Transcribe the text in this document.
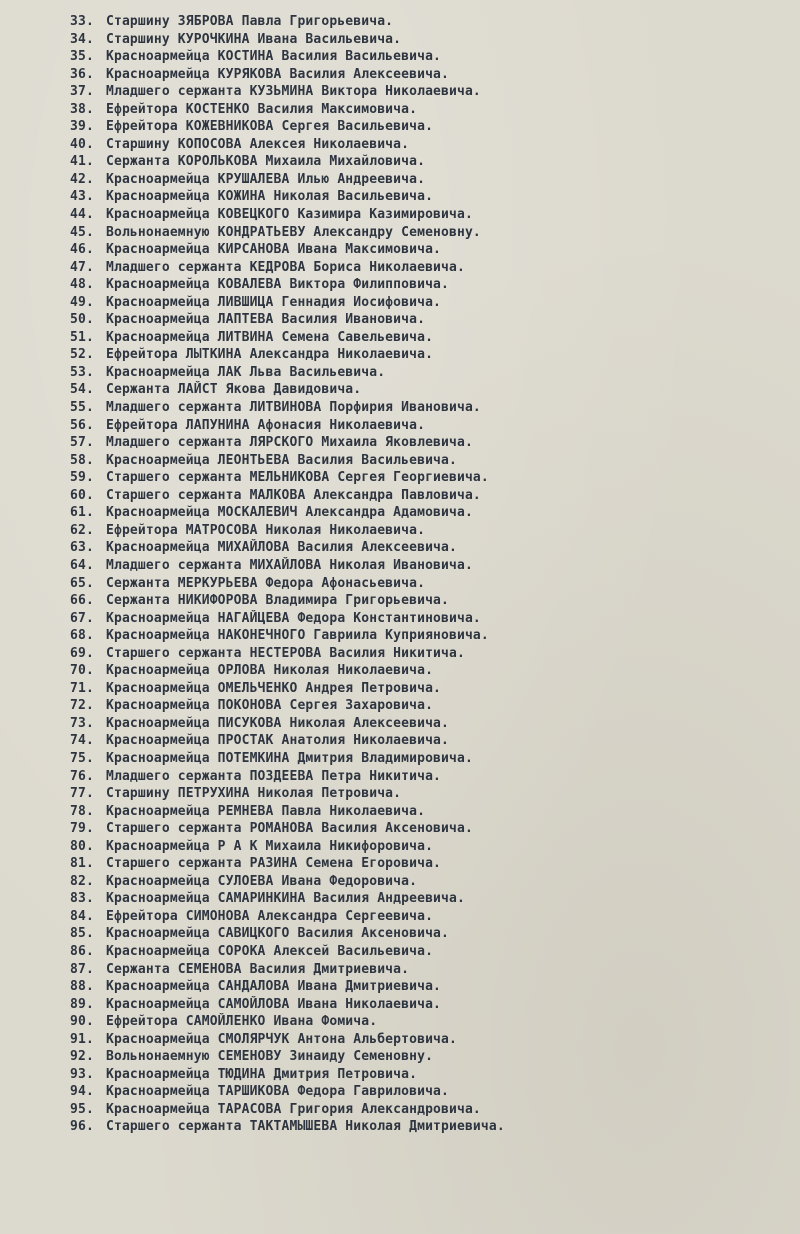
33. Старшину ЗЯБРОВА Павла Григорьевича.
34. Старшину КУРОЧКИНА Ивана Васильевича.
35. Красноармейца КОСТИНА Василия Васильевича.
36. Красноармейца КУРЯКОВА Василия Алексеевича.
37. Младшего сержанта КУЗЬМИНА Виктора Николаевича.
38. Ефрейтора КОСТЕНКО Василия Максимовича.
39. Ефрейтора КОЖЕВНИКОВА Сергея Васильевича.
40. Старшину КОПОСОВА Алексея Николаевича.
41. Сержанта КОРОЛЬКОВА Михаила Михайловича.
42. Красноармейца КРУШАЛЕВА Илью Андреевича.
43. Красноармейца КОЖИНА Николая Васильевича.
44. Красноармейца КОВЕЦКОГО Казимира Казимировича.
45. Вольнонаемную КОНДРАТЬЕВУ Александру Семеновну.
46. Красноармейца КИРСАНОВА Ивана Максимовича.
47. Младшего сержанта КЕДРОВА Бориса Николаевича.
48. Красноармейца КОВАЛЕВА Виктора Филипповича.
49. Красноармейца ЛИВШИЦА Геннадия Иосифовича.
50. Красноармейца ЛАПТЕВА Василия Ивановича.
51. Красноармейца ЛИТВИНА Семена Савельевича.
52. Ефрейтора ЛЫТКИНА Александра Николаевича.
53. Красноармейца ЛАК Льва Васильевича.
54. Сержанта ЛАЙСТ Якова Давидовича.
55. Младшего сержанта ЛИТВИНОВА Порфирия Ивановича.
56. Ефрейтора ЛАПУНИНА Афонасия Николаевича.
57. Младшего сержанта ЛЯРСКОГО Михаила Яковлевича.
58. Красноармейца ЛЕОНТЬЕВА Василия Васильевича.
59. Старшего сержанта МЕЛЬНИКОВА Сергея Георгиевича.
60. Старшего сержанта МАЛКОВА Александра Павловича.
61. Красноармейца МОСКАЛЕВИЧ Александра Адамовича.
62. Ефрейтора МАТРОСОВА Николая Николаевича.
63. Красноармейца МИХАЙЛОВА Василия Алексеевича.
64. Младшего сержанта МИХАЙЛОВА Николая Ивановича.
65. Сержанта МЕРКУРЬЕВА Федора Афонасьевича.
66. Сержанта НИКИФОРОВА Владимира Григорьевича.
67. Красноармейца НАГАЙЦЕВА Федора Константиновича.
68. Красноармейца НАКОНЕЧНОГО Гавриила Куприяновича.
69. Старшего сержанта НЕСТЕРОВА Василия Никитича.
70. Красноармейца ОРЛОВА Николая Николаевича.
71. Красноармейца ОМЕЛЬЧЕНКО Андрея Петровича.
72. Красноармейца ПОКОНОВА Сергея Захаровича.
73. Красноармейца ПИСУКОВА Николая Алексеевича.
74. Красноармейца ПРОСТАК Анатолия Николаевича.
75. Красноармейца ПОТЕМКИНА Дмитрия Владимировича.
76. Младшего сержанта ПОЗДЕЕВА Петра Никитича.
77. Старшину ПЕТРУХИНА Николая Петровича.
78. Красноармейца РЕМНЕВА Павла Николаевича.
79. Старшего сержанта РОМАНОВА Василия Аксеновича.
80. Красноармейца Р А К Михаила Никифоровича.
81. Старшего сержанта РАЗИНА Семена Егоровича.
82. Красноармейца СУЛОЕВА Ивана Федоровича.
83. Красноармейца САМАРИНКИНА Василия Андреевича.
84. Ефрейтора СИМОНОВА Александра Сергеевича.
85. Красноармейца САВИЦКОГО Василия Аксеновича.
86. Красноармейца СОРОКА Алексей Васильевича.
87. Сержанта СЕМЕНОВА Василия Дмитриевича.
88. Красноармейца САНДАЛОВА Ивана Дмитриевича.
89. Красноармейца САМОЙЛОВА Ивана Николаевича.
90. Ефрейтора САМОЙЛЕНКО Ивана Фомича.
91. Красноармейца СМОЛЯРЧУК Антона Альбертовича.
92. Вольнонаемную СЕМЕНОВУ Зинаиду Семеновну.
93. Красноармейца ТЮДИНА Дмитрия Петровича.
94. Красноармейца ТАРШИКОВА Федора Гавриловича.
95. Красноармейца ТАРАСОВА Григория Александровича.
96. Старшего сержанта ТАКТАМЫШЕВА Николая Дмитриевича.
